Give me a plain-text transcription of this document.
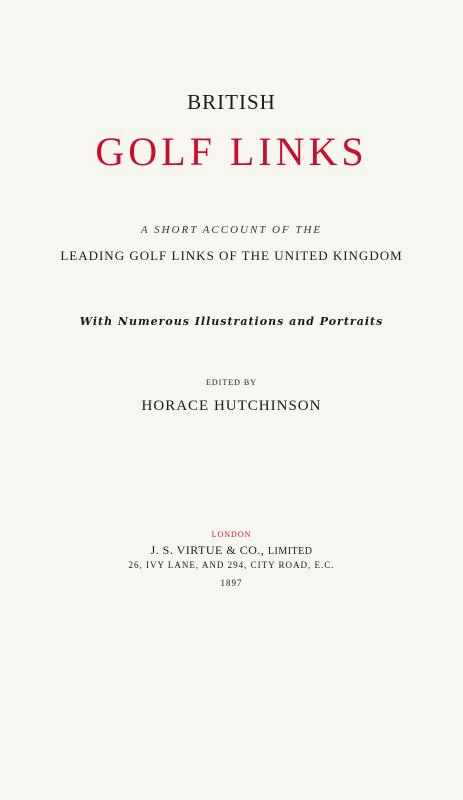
BRITISH
GOLF LINKS
A SHORT ACCOUNT OF THE
LEADING GOLF LINKS OF THE UNITED KINGDOM
With Numerous Illustrations and Portraits
EDITED BY
HORACE HUTCHINSON
LONDON
J. S. VIRTUE & CO., LIMITED
26, IVY LANE, AND 294, CITY ROAD, E.C.
1897
